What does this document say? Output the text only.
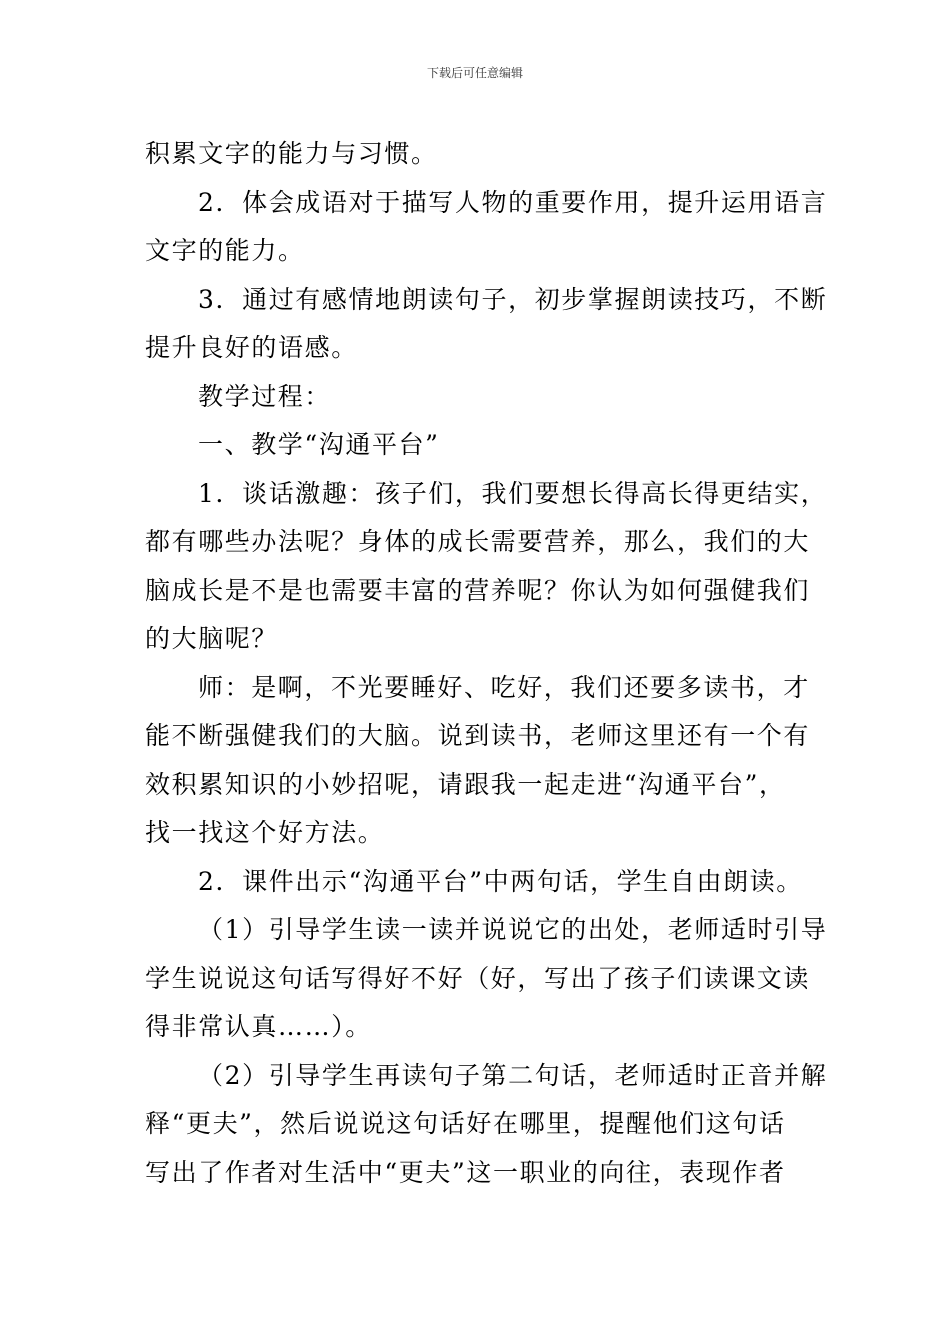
下载后可任意编辑

积累文字的能力与习惯。

2．体会成语对于描写人物的重要作用，提升运用语言

文字的能力。

3．通过有感情地朗读句子，初步掌握朗读技巧，不断

提升良好的语感。

教学过程：

一、教学“沟通平台”

1．谈话激趣：孩子们，我们要想长得高长得更结实，

都有哪些办法呢？身体的成长需要营养，那么，我们的大

脑成长是不是也需要丰富的营养呢？你认为如何强健我们

的大脑呢？

师：是啊，不光要睡好、吃好，我们还要多读书，才

能不断强健我们的大脑。说到读书，老师这里还有一个有

效积累知识的小妙招呢，请跟我一起走进“沟通平台”，

找一找这个好方法。

2．课件出示“沟通平台”中两句话，学生自由朗读。

（1）引导学生读一读并说说它的出处，老师适时引导

学生说说这句话写得好不好（好，写出了孩子们读课文读

得非常认真……）。

（2）引导学生再读句子第二句话，老师适时正音并解

释“更夫”，然后说说这句话好在哪里，提醒他们这句话

写出了作者对生活中“更夫”这一职业的向往，表现作者
